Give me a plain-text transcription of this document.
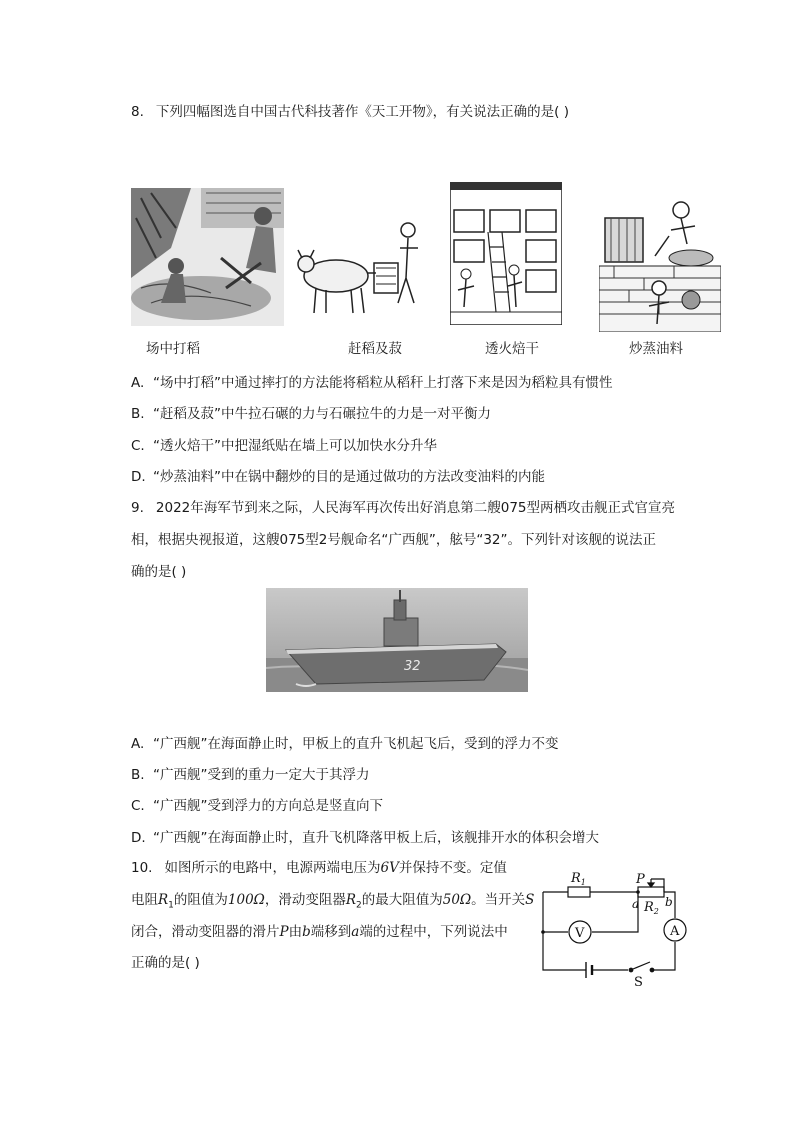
8. 下列四幅图选自中国古代科技著作《天工开物》，有关说法正确的是( )
场中打稻	赶稻及菽	透火焙干	炒蒸油料
A. “场中打稻”中通过摔打的方法能将稻粒从稻秆上打落下来是因为稻粒具有惯性
B. “赶稻及菽”中牛拉石碾的力与石碾拉牛的力是一对平衡力
C. “透火焙干”中把湿纸贴在墙上可以加快水分升华
D. “炒蒸油料”中在锅中翻炒的目的是通过做功的方法改变油料的内能
9. 2022年海军节到来之际，人民海军再次传出好消息第二艘075型两栖攻击舰正式官宣亮
相，根据央视报道，这艘075型2号舰命名“广西舰”，舷号“32”。下列针对该舰的说法正
确的是( )
32
A. “广西舰”在海面静止时，甲板上的直升飞机起飞后，受到的浮力不变
B. “广西舰”受到的重力一定大于其浮力
C. “广西舰”受到浮力的方向总是竖直向下
D. “广西舰”在海面静止时，直升飞机降落甲板上后，该舰排开水的体积会增大
10. 如图所示的电路中，电源两端电压为6V并保持不变。定值
电阻$R_1$的阻值为100Ω，滑动变阻器$R_2$的最大阻值为50Ω。当开关S
闭合，滑动变阻器的滑片P由b端移到a端的过程中，下列说法中
正确的是( )
$R_1$	P
a b
$R_2$
V	A
S
